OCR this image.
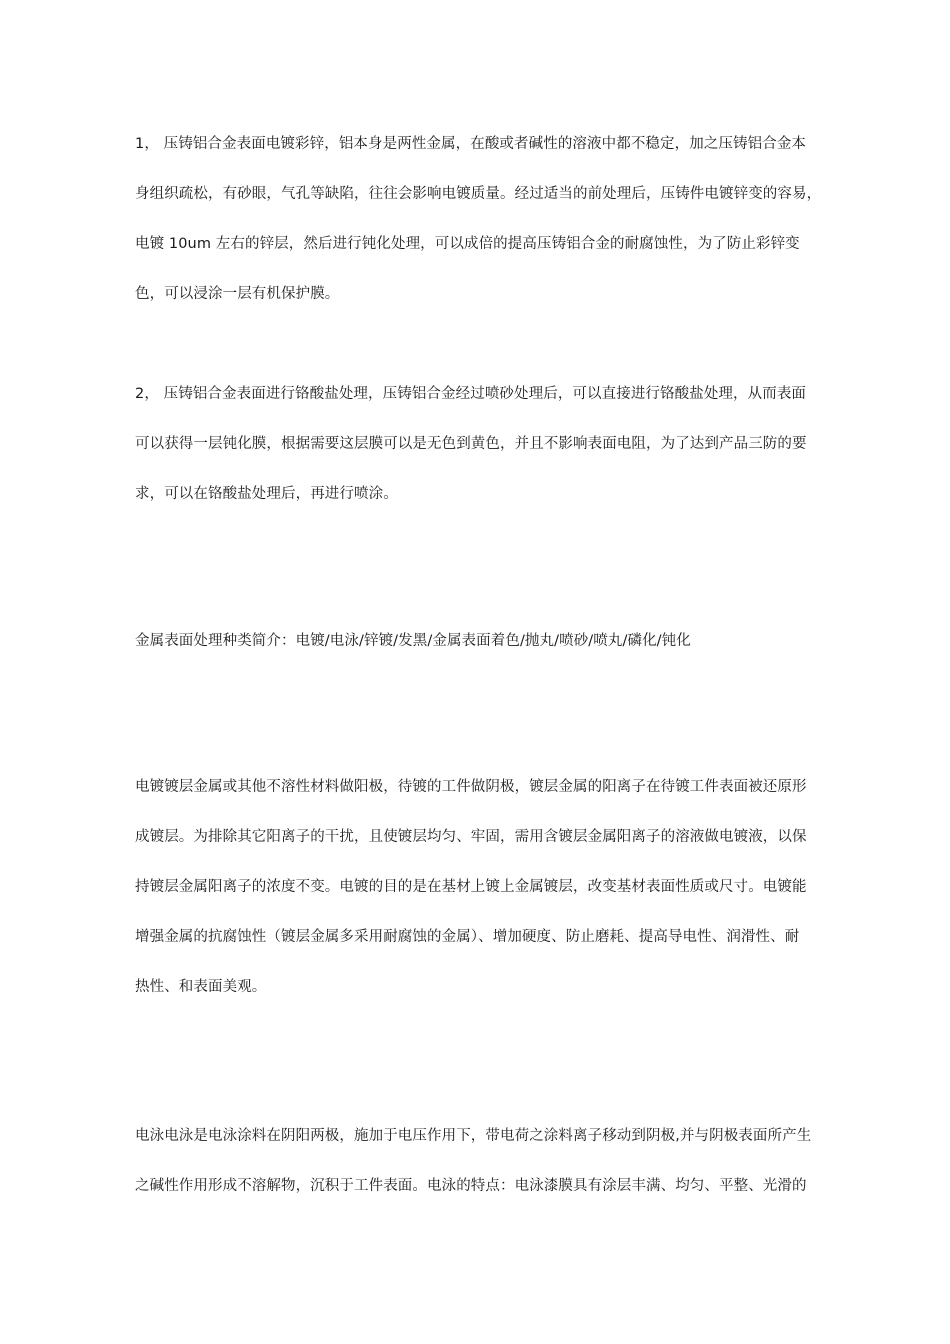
1， 压铸铝合金表面电镀彩锌，铝本身是两性金属，在酸或者碱性的溶液中都不稳定，加之压铸铝合金本
身组织疏松，有砂眼，气孔等缺陷，往往会影响电镀质量。经过适当的前处理后，压铸件电镀锌变的容易，
电镀 10um 左右的锌层，然后进行钝化处理，可以成倍的提高压铸铝合金的耐腐蚀性，为了防止彩锌变
色，可以浸涂一层有机保护膜。
2， 压铸铝合金表面进行铬酸盐处理，压铸铝合金经过喷砂处理后，可以直接进行铬酸盐处理，从而表面
可以获得一层钝化膜，根据需要这层膜可以是无色到黄色，并且不影响表面电阻，为了达到产品三防的要
求，可以在铬酸盐处理后，再进行喷涂。
金属表面处理种类简介：电镀/电泳/锌镀/发黑/金属表面着色/抛丸/喷砂/喷丸/磷化/钝化
电镀镀层金属或其他不溶性材料做阳极，待镀的工件做阴极，镀层金属的阳离子在待镀工件表面被还原形
成镀层。为排除其它阳离子的干扰，且使镀层均匀、牢固，需用含镀层金属阳离子的溶液做电镀液，以保
持镀层金属阳离子的浓度不变。电镀的目的是在基材上镀上金属镀层，改变基材表面性质或尺寸。电镀能
增强金属的抗腐蚀性（镀层金属多采用耐腐蚀的金属）、增加硬度、防止磨耗、提高导电性、润滑性、耐
热性、和表面美观。
电泳电泳是电泳涂料在阴阳两极，施加于电压作用下，带电荷之涂料离子移动到阴极,并与阴极表面所产生
之碱性作用形成不溶解物，沉积于工件表面。电泳的特点：电泳漆膜具有涂层丰满、均匀、平整、光滑的
